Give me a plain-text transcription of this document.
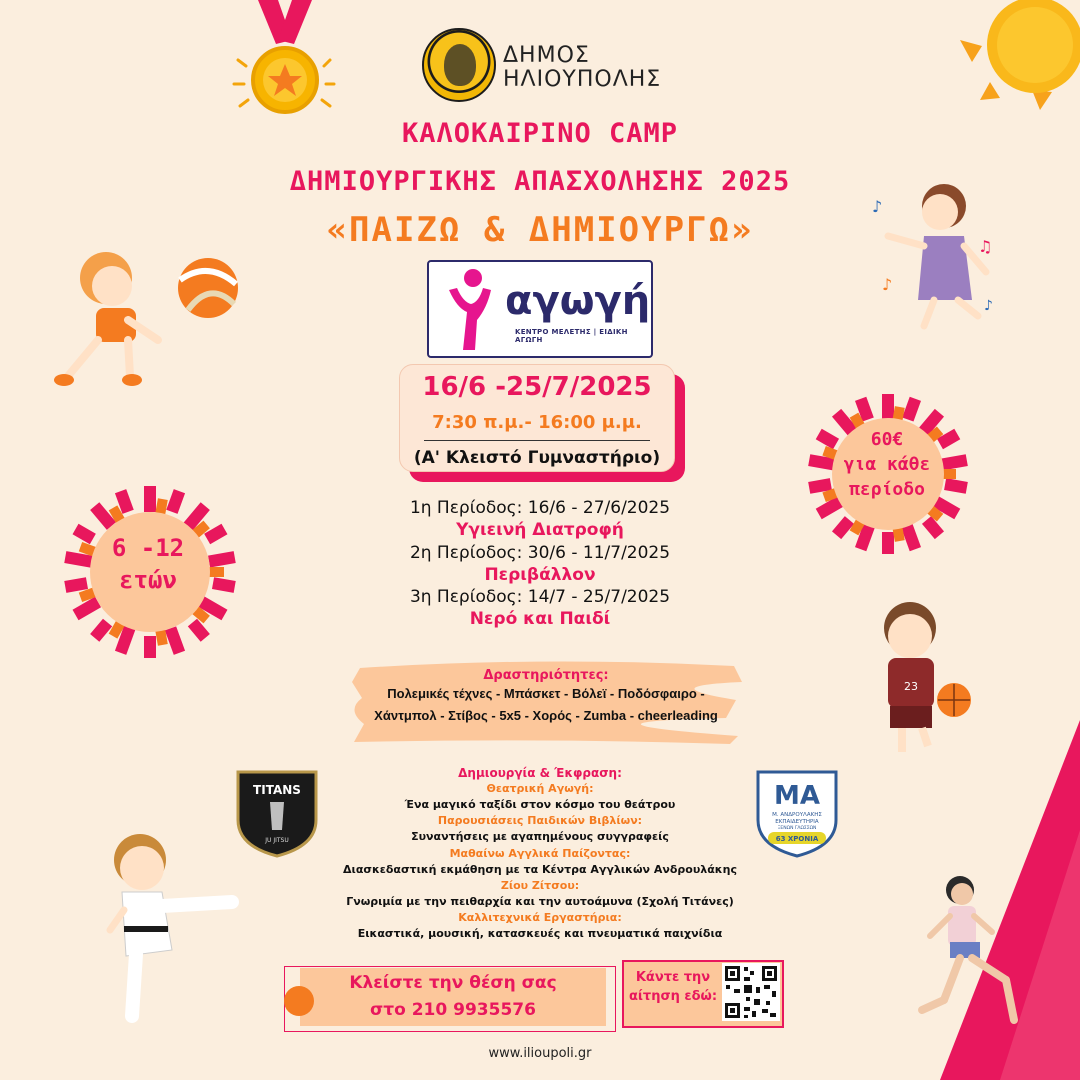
ΔΗΜΟΣ
ΗΛΙΟΥΠΟΛΗΣ
ΚΑΛΟΚΑΙΡΙΝΟ CAMP
ΔΗΜΙΟΥΡΓΙΚΗΣ ΑΠΑΣΧΟΛΗΣΗΣ 2025
«ΠΑΙΖΩ & ΔΗΜΙΟΥΡΓΩ»
♪
♫
♪
♪
αγωγή
ΚΕΝΤΡΟ ΜΕΛΕΤΗΣ | ΕΙΔΙΚΗ ΑΓΩΓΗ
16/6 -25/7/2025
7:30 π.μ.- 16:00 μ.μ.
(Α' Κλειστό Γυμναστήριο)
60€
για κάθε
περίοδο
6 -12
ετών
1η Περίοδος: 16/6 - 27/6/2025
Υγιεινή Διατροφή
2η Περίοδος: 30/6 - 11/7/2025
Περιβάλλον
3η Περίοδος: 14/7 - 25/7/2025
Νερό και Παιδί
23
Δραστηριότητες:
Πολεμικές τέχνες - Μπάσκετ - Βόλεϊ - Ποδόσφαιρο -
Χάντμπολ - Στίβος - 5x5 - Χορός - Zumba - cheerleading
TITANS
JU JITSU
ΜΑ
Μ. ΑΝΔΡΟΥΛΑΚΗΣ
ΕΚΠΑΙΔΕΥΤΗΡΙΑ
ΞΕΝΩΝ ΓΛΩΣΣΩΝ
63 ΧΡΟΝΙΑ
Δημιουργία & Έκφραση:
Θεατρική Αγωγή:
Ένα μαγικό ταξίδι στον κόσμο του θεάτρου
Παρουσιάσεις Παιδικών Βιβλίων:
Συναντήσεις με αγαπημένους συγγραφείς
Μαθαίνω Αγγλικά Παίζοντας:
Διασκεδαστική εκμάθηση με τα Κέντρα Αγγλικών Ανδρουλάκης
Ζίου Ζίτσου:
Γνωριμία με την πειθαρχία και την αυτοάμυνα (Σχολή Τιτάνες)
Καλλιτεχνικά Εργαστήρια:
Εικαστικά, μουσική, κατασκευές και πνευματικά παιχνίδια
Κλείστε την θέση σας
στο 210 9935576
Κάντε την
αίτηση εδώ:
www.ilioupoli.gr
